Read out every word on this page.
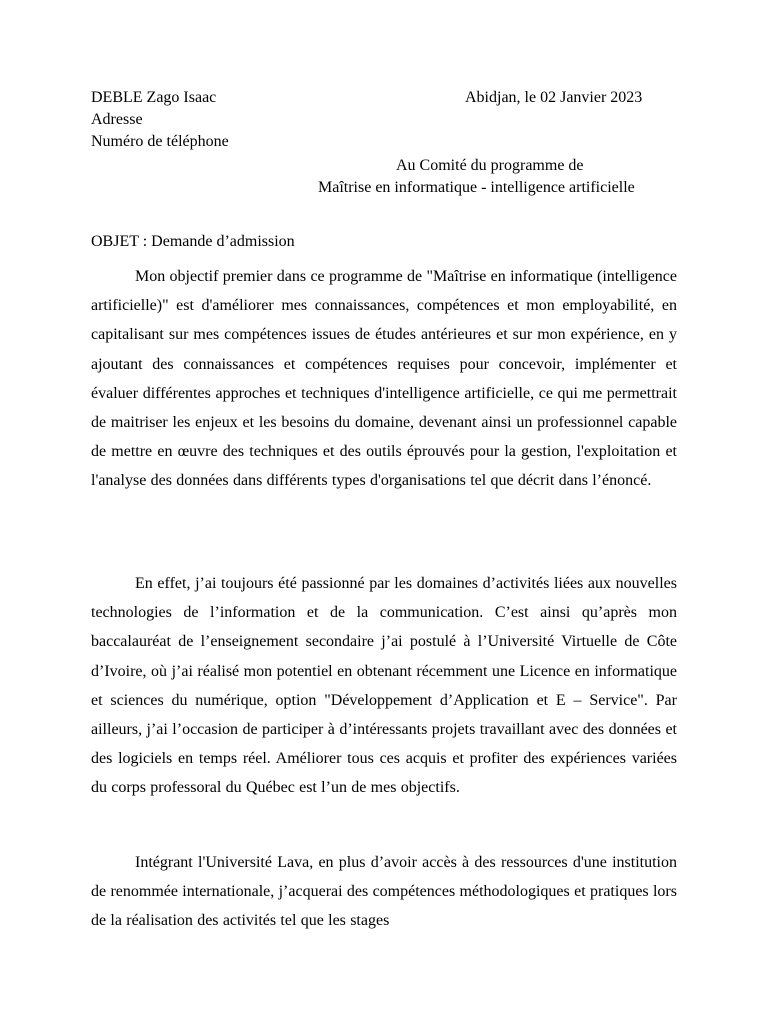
DEBLE Zago Isaac	Abidjan, le 02 Janvier 2023
Adresse
Numéro de téléphone
Au Comité du programme de
Maîtrise en informatique - intelligence artificielle
OBJET : Demande d’admission

Mon objectif premier dans ce programme de "Maîtrise en informatique (intelligence artificielle)" est d'améliorer mes connaissances, compétences et mon employabilité, en capitalisant sur mes compétences issues de études antérieures et sur mon expérience, en y ajoutant des connaissances et compétences requises pour concevoir, implémenter et évaluer différentes approches et techniques d'intelligence artificielle, ce qui me permettrait de maitriser les enjeux et les besoins du domaine, devenant ainsi un professionnel capable de mettre en œuvre des techniques et des outils éprouvés pour la gestion, l'exploitation et l'analyse des données dans différents types d'organisations tel que décrit dans l’énoncé.

En effet, j’ai toujours été passionné par les domaines d’activités liées aux nouvelles technologies de l’information et de la communication. C’est ainsi qu’après mon baccalauréat de l’enseignement secondaire j’ai postulé à l’Université Virtuelle de Côte d’Ivoire, où j’ai réalisé mon potentiel en obtenant récemment une Licence en informatique et sciences du numérique, option "Développement d’Application et E – Service". Par ailleurs, j’ai l’occasion de participer à d’intéressants projets travaillant avec des données et des logiciels en temps réel. Améliorer tous ces acquis et profiter des expériences variées du corps professoral du Québec est l’un de mes objectifs.

Intégrant l'Université Lava, en plus d’avoir accès à des ressources d'une institution de renommée internationale, j’acquerai des compétences méthodologiques et pratiques lors de la réalisation des activités tel que les stages
